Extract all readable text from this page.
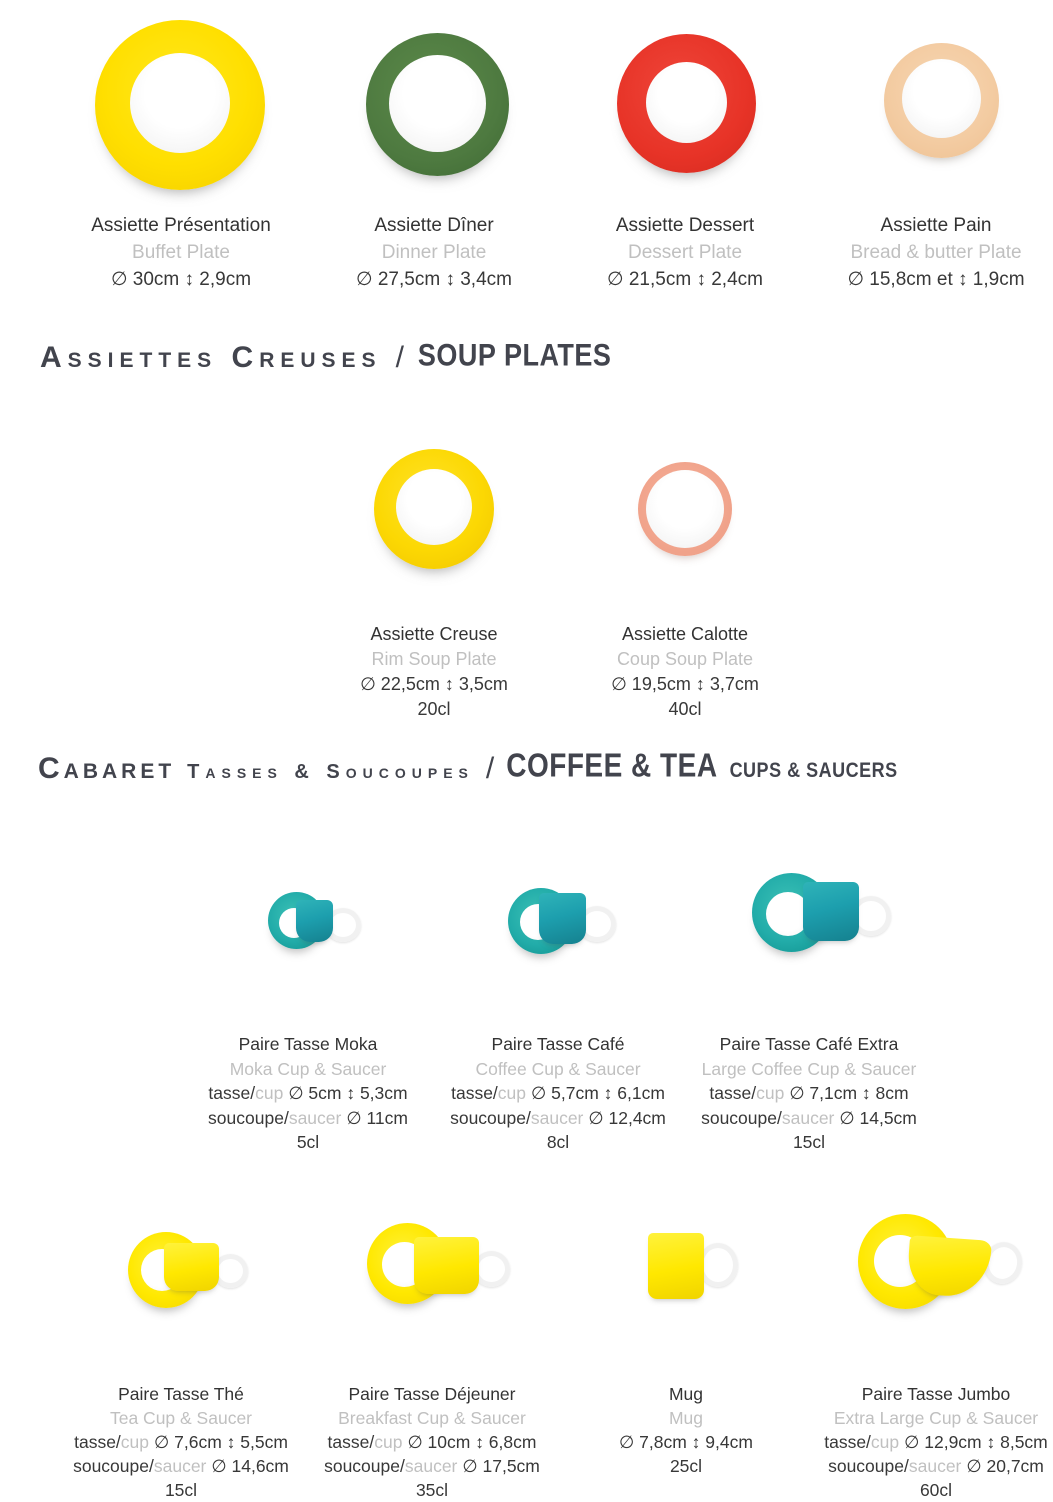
Assiette Présentation
Buffet Plate
∅ 30cm ↕ 2,9cm
Assiette Dîner
Dinner Plate
∅ 27,5cm ↕ 3,4cm
Assiette Dessert
Dessert Plate
∅ 21,5cm ↕ 2,4cm
Assiette Pain
Bread & butter Plate
∅ 15,8cm et ↕ 1,9cm
Assiettes Creuses / SOUP PLATES
Assiette Creuse
Rim Soup Plate
∅ 22,5cm ↕ 3,5cm
20cl
Assiette Calotte
Coup Soup Plate
∅ 19,5cm ↕ 3,7cm
40cl
Cabaret Tasses & Soucoupes / COFFEE & TEA CUPS & SAUCERS
Paire Tasse Moka
Moka Cup & Saucer
tasse/cup ∅ 5cm ↕ 5,3cm
soucoupe/saucer ∅ 11cm
5cl
Paire Tasse Café
Coffee Cup & Saucer
tasse/cup ∅ 5,7cm ↕ 6,1cm
soucoupe/saucer ∅ 12,4cm
8cl
Paire Tasse Café Extra
Large Coffee Cup & Saucer
tasse/cup ∅ 7,1cm ↕ 8cm
soucoupe/saucer ∅ 14,5cm
15cl
Paire Tasse Thé
Tea Cup & Saucer
tasse/cup ∅ 7,6cm ↕ 5,5cm
soucoupe/saucer ∅ 14,6cm
15cl
Paire Tasse Déjeuner
Breakfast Cup & Saucer
tasse/cup ∅ 10cm ↕ 6,8cm
soucoupe/saucer ∅ 17,5cm
35cl
Mug
Mug
∅ 7,8cm ↕ 9,4cm
25cl
Paire Tasse Jumbo
Extra Large Cup & Saucer
tasse/cup ∅ 12,9cm ↕ 8,5cm
soucoupe/saucer ∅ 20,7cm
60cl
